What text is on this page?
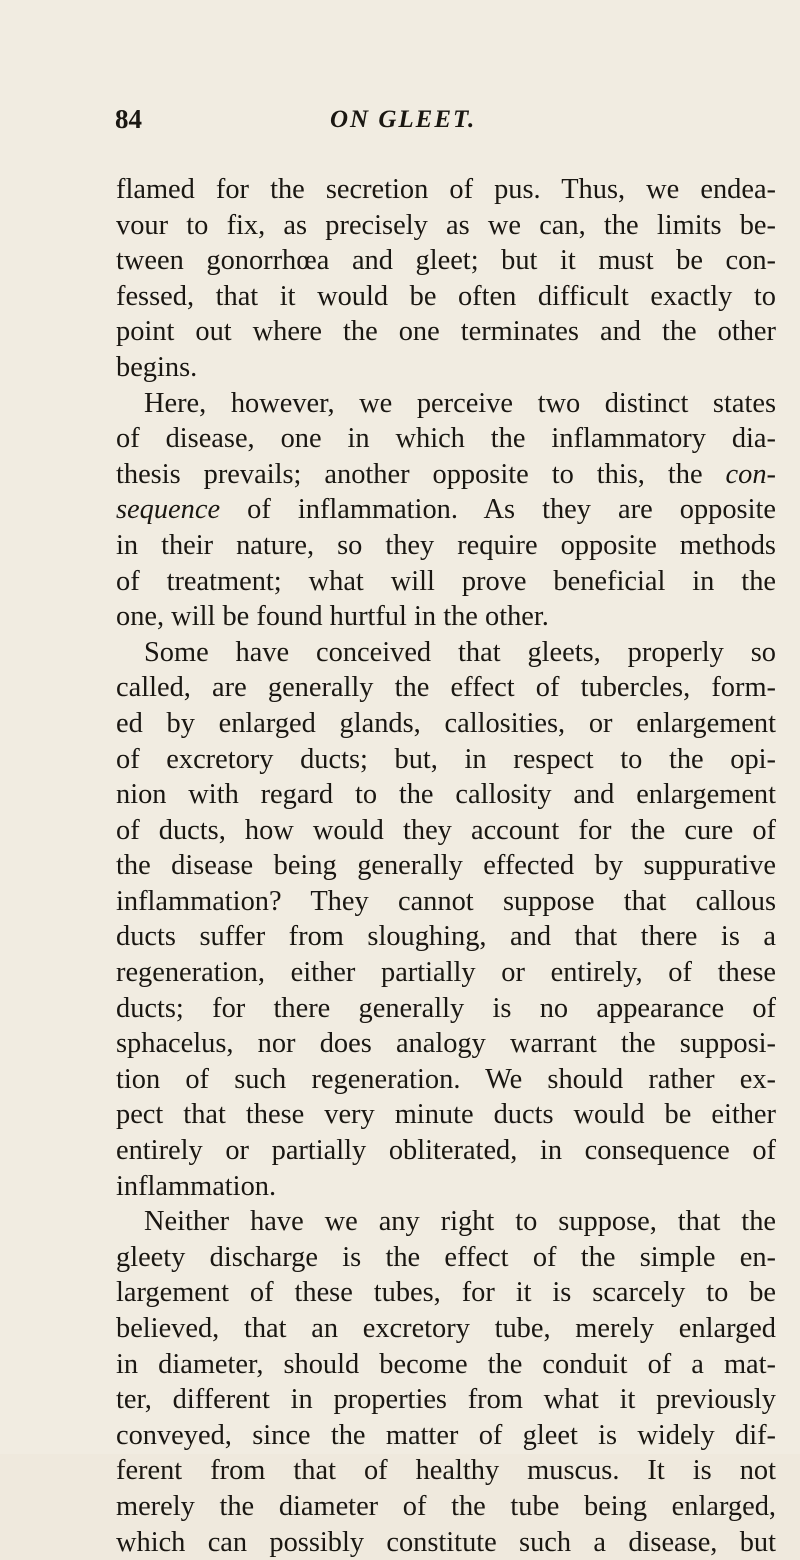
84	ON GLEET.
flamed for the secretion of pus. Thus, we endea-
vour to fix, as precisely as we can, the limits be-
tween gonorrhœa and gleet; but it must be con-
fessed, that it would be often difficult exactly to
point out where the one terminates and the other
begins.
Here, however, we perceive two distinct states
of disease, one in which the inflammatory dia-
thesis prevails; another opposite to this, the con-
sequence of inflammation. As they are opposite
in their nature, so they require opposite methods
of treatment; what will prove beneficial in the
one, will be found hurtful in the other.
Some have conceived that gleets, properly so
called, are generally the effect of tubercles, form-
ed by enlarged glands, callosities, or enlargement
of excretory ducts; but, in respect to the opi-
nion with regard to the callosity and enlargement
of ducts, how would they account for the cure of
the disease being generally effected by suppurative
inflammation? They cannot suppose that callous
ducts suffer from sloughing, and that there is a
regeneration, either partially or entirely, of these
ducts; for there generally is no appearance of
sphacelus, nor does analogy warrant the supposi-
tion of such regeneration. We should rather ex-
pect that these very minute ducts would be either
entirely or partially obliterated, in consequence of
inflammation.
Neither have we any right to suppose, that the
gleety discharge is the effect of the simple en-
largement of these tubes, for it is scarcely to be
believed, that an excretory tube, merely enlarged
in diameter, should become the conduit of a mat-
ter, different in properties from what it previously
conveyed, since the matter of gleet is widely dif-
ferent from that of healthy muscus. It is not
merely the diameter of the tube being enlarged,
which can possibly constitute such a disease, but
